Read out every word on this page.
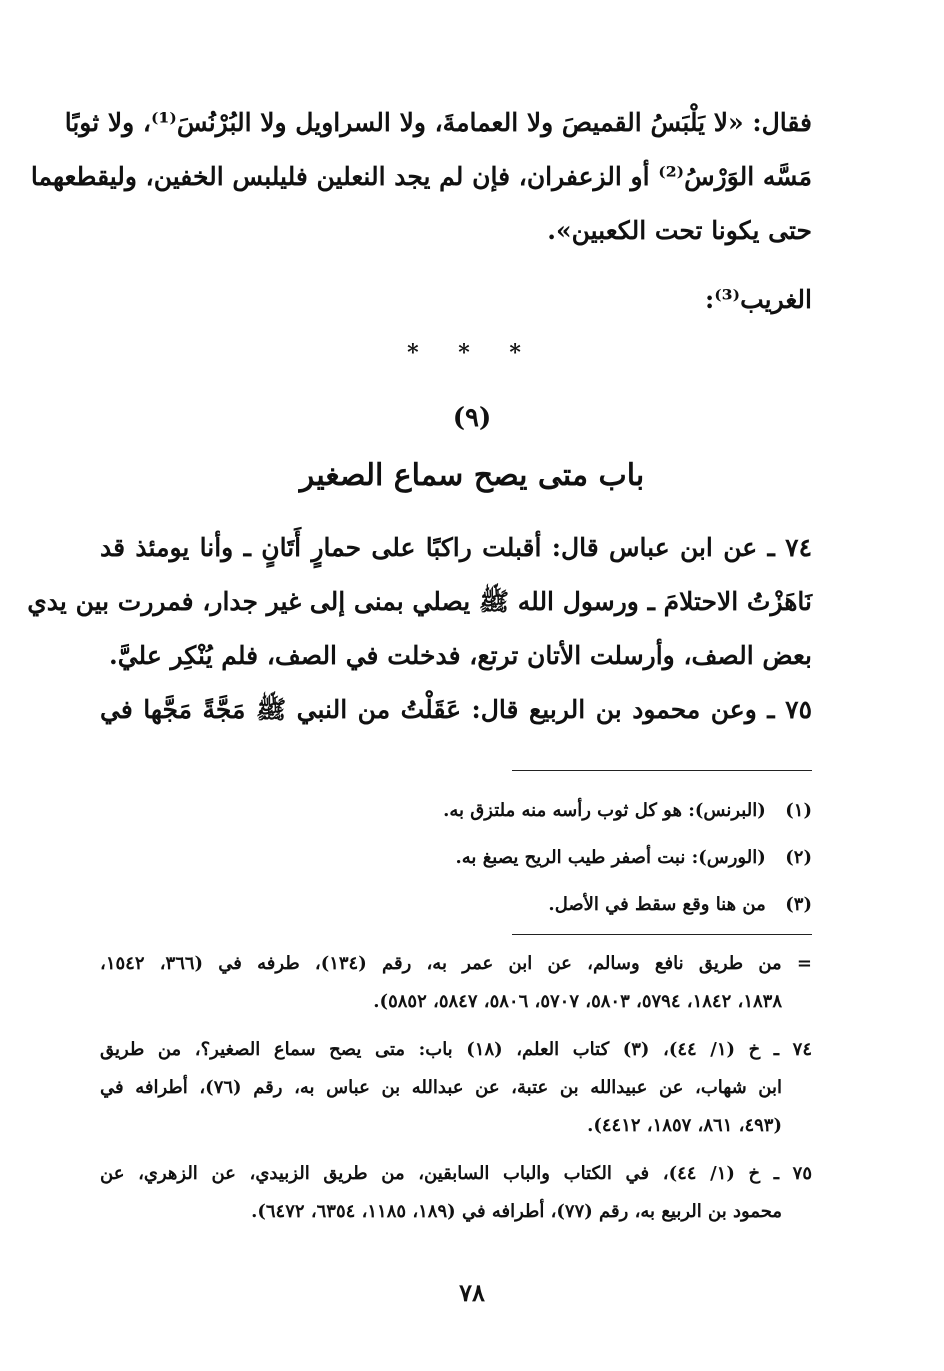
فقال: «لا يَلْبَسُ القميصَ ولا العمامةَ، ولا السراويل ولا البُرْنُسَ⁽¹⁾، ولا ثوبًا
مَسَّه الوَرْسُ⁽²⁾ أو الزعفران، فإن لم يجد النعلين فليلبس الخفين، وليقطعهما
حتى يكونا تحت الكعبين».
الغريب⁽³⁾:
* * *
(٩)
باب متى يصح سماع الصغير
٧٤ ـ عن ابن عباس قال: أقبلت راكبًا على حمارٍ أَتَانٍ ـ وأنا يومئذ قد
نَاهَزْتُ الاحتلامَ ـ ورسول الله ﷺ يصلي بمنى إلى غير جدار، فمررت بين يدي
بعض الصف، وأرسلت الأتان ترتع، فدخلت في الصف، فلم يُنْكِر عليَّ.
٧٥ ـ وعن محمود بن الربيع قال: عَقَلْتُ من النبي ﷺ مَجَّةً مَجَّها في
(١) (البرنس): هو كل ثوب رأسه منه ملتزق به.
(٢) (الورس): نبت أصفر طيب الريح يصبغ به.
(٣) من هنا وقع سقط في الأصل.
= من طريق نافع وسالم، عن ابن عمر به، رقم (١٣٤)، طرفه في (٣٦٦، ١٥٤٢،
١٨٣٨، ١٨٤٢، ٥٧٩٤، ٥٨٠٣، ٥٧٠٧، ٥٨٠٦، ٥٨٤٧، ٥٨٥٢).
٧٤ ـ خ (١/ ٤٤)، (٣) كتاب العلم، (١٨) باب: متى يصح سماع الصغير؟، من طريق
ابن شهاب، عن عبيدالله بن عتبة، عن عبدالله بن عباس به، رقم (٧٦)، أطرافه في
(٤٩٣، ٨٦١، ١٨٥٧، ٤٤١٢).
٧٥ ـ خ (١/ ٤٤)، في الكتاب والباب السابقين، من طريق الزبيدي، عن الزهري، عن
محمود بن الربيع به، رقم (٧٧)، أطرافه في (١٨٩، ١١٨٥، ٦٣٥٤، ٦٤٧٢).
٧٨
